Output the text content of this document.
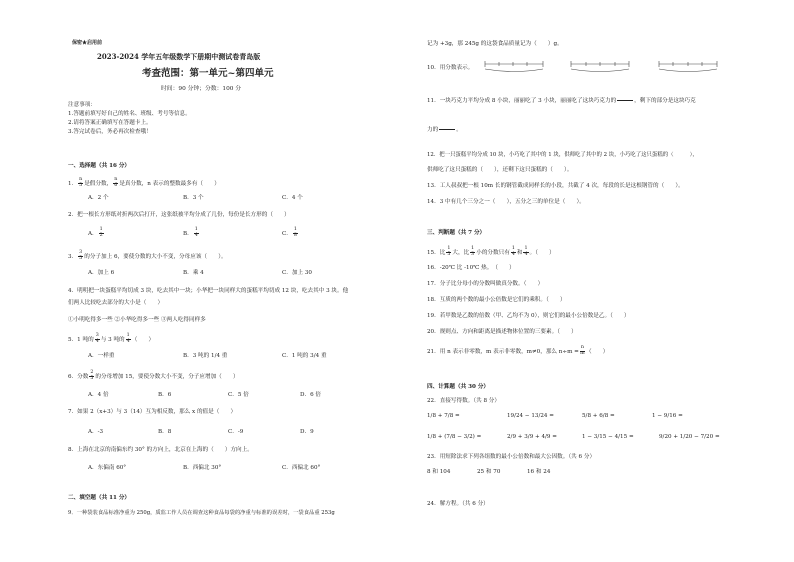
保密★启用前
2023-2024 学年五年级数学下册期中测试卷青岛版
考查范围：第一单元~第四单元
时间：90 分钟；分数：100 分
注意事项：
1.答题前填写好自己的姓名、班级、考号等信息。
2.请将答案正确填写在答题卡上。
3.答完试卷后，务必再次检查哦！
一、选择题（共 16 分）
1． $\frac{n}{5}$ 是假分数， $\frac{n}{6}$ 是真分数，n 表示的整数最多有（　　）
A．2 个	B．3 个	C．4 个
2．把一根长方形纸对折两次后打开，这张纸被平均分成了几份，每份是长方形的（　　）
A． $\frac{1}{2}$	B． $\frac{1}{4}$	C． $\frac{1}{8}$
3． $\frac{3}{5}$ 的分子加上 6，要使分数的大小不变，分母应该（　　）。
A．加上 6	B．乘 4	C．加上 30
4．明明把一块蛋糕平均切成 3 块，吃去其中一块；小华把一块同样大的蛋糕平均切成 12 块，吃去其中 3 块。他
们两人比较吃去部分的大小是（　　）
①小明吃得多一些 ②小华吃得多一些 ③两人吃得同样多
5．1 吨的 $\frac{3}{4}$ 与 3 吨的 $\frac{1}{4}$ （　　）
A．一样重	B．3 吨的 1/4 重	C．1 吨的 3/4 重
6．分数 $\frac{2}{5}$ 的分母增加 15，要使分数大小不变，分子应增加（　　）
A．4 倍	B．6	C．5 倍	D．6 倍
7．如果 2（x+3）与 3（14）互为相反数，那么 x 的值是（　　）
A．-3	B．8	C．-9	D．9
8．上海在北京的南偏东约 30° 的方向上，北京在上海的（　　）方向上。
A．东偏南 60°	B．西偏北 30°	C．西偏北 60°
二、填空题（共 11 分）
9．一种袋装食品标准净重为 250g，质监工作人员在调查这种食品每袋的净重与标准的误差时，一袋食品重 253g
记为 +3g，那 245g 的这袋食品质量记为（　　）g。
10．用分数表示。
11．一块巧克力平均分成 8 小块，丽丽吃了 3 小块，丽丽吃了这块巧克力的	，剩下的部分是这块巧克
力的	。
12．把一只蛋糕平均分成 10 块，小巧吃了其中的 1 块，供师吃了其中的 2 块，小巧吃了这只蛋糕的（　　　），
供师吃了这只蛋糕的（　　），还剩下这只蛋糕的（　　）。
13．工人叔叔把一根 10m 长的钢管截成同样长的小段，共截了 4 次，每段的长是这根钢管的（　　）。
14．3 中有几个三分之一（　　），五分之三的单位是（　　）。
三、判断题（共 7 分）
15．比 $\frac{1}{5}$ 大，比 $\frac{1}{3}$ 小的分数只有 $\frac{1}{4}$ 和 $\frac{1}{4}$ 。（　　）
16．-20℃ 比 -10℃ 热。　（　　）
17．分子比分母小的分数叫做真分数。（　　）
18．互质的两个数的最小公倍数是它们的乘积。（　　）
19．若甲数是乙数的倍数（甲、乙均不为 0），则它们的最小公倍数是乙。（　　）
20．规则点、方向和距离是描述物体位置的三要素。（　　）
21．用 n 表示非零数，m 表示非零数，m≠0，那么 $n\div m = \frac{n}{m}$ （　　）
四、计算题（共 30 分）
22．直接写得数。（共 8 分）
1/8 + 7/8 =	19/24 − 13/24 =	5/8 + 6/8 =	1 − 9/16 =
1/8 + (7/8 − 3/2) =	2/9 + 3/9 + 4/9 =	1 − 3/15 − 4/15 =	9/20 + 1/20 − 7/20 =
23．用短除法求下列各组数的最小公倍数和最大公因数。（共 6 分）
8 和 104	25 和 70	16 和 24
24．解方程。（共 6 分）
